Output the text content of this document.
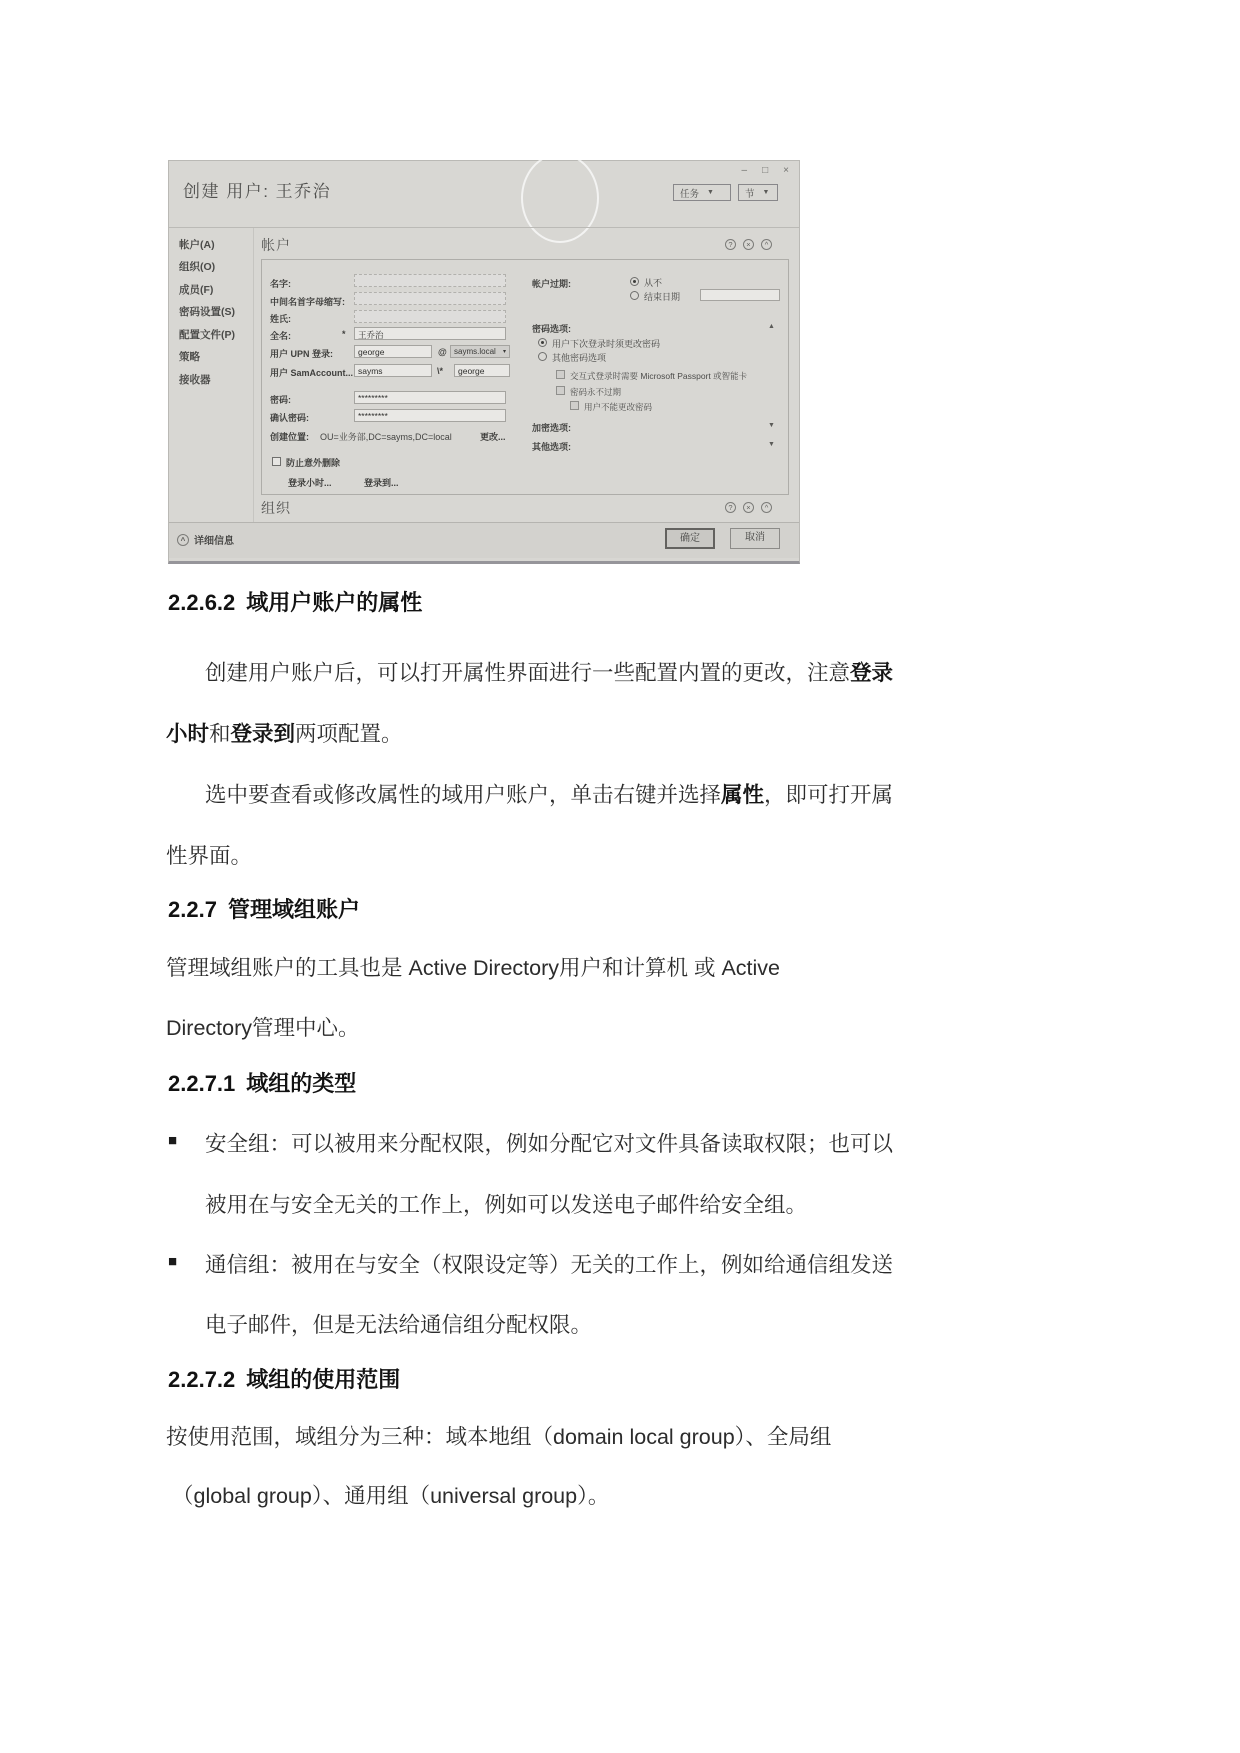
创建 用户: 王乔治
– □ ×
任务 ▼	节 ▼
帐户(A)
组织(O)
成员(F)
密码设置(S)
配置文件(P)
策略
接收器
帐户	?	×	^
名字:
中间名首字母缩写:
姓氏:
全名:	*	王乔治
用户 UPN 登录:	george	@ sayms.local ▾
用户 SamAccount... sayms	\*	george
密码:	*********
确认密码:	*********
创建位置: OU=业务部,DC=sayms,DC=local	更改...
防止意外删除
登录小时...	登录到...
帐户过期:	从不
结束日期
密码选项:	▲
用户下次登录时须更改密码
其他密码选项
交互式登录时需要 Microsoft Passport 或智能卡
密码永不过期
用户不能更改密码
加密选项:	▼
其他选项:	▼
组织	?	×	^
^ 详细信息	确定	取消
2.2.6.2 域用户账户的属性
创建用户账户后，可以打开属性界面进行一些配置内置的更改，注意登录
小时和登录到两项配置。
选中要查看或修改属性的域用户账户，单击右键并选择属性，即可打开属
性界面。
2.2.7 管理域组账户
管理域组账户的工具也是 Active Directory用户和计算机 或 Active
Directory管理中心。
2.2.7.1 域组的类型
■ 安全组：可以被用来分配权限，例如分配它对文件具备读取权限；也可以
被用在与安全无关的工作上，例如可以发送电子邮件给安全组。
■ 通信组：被用在与安全（权限设定等）无关的工作上，例如给通信组发送
电子邮件，但是无法给通信组分配权限。
2.2.7.2 域组的使用范围
按使用范围，域组分为三种：域本地组（domain local group）、全局组
（global group）、通用组（universal group）。
